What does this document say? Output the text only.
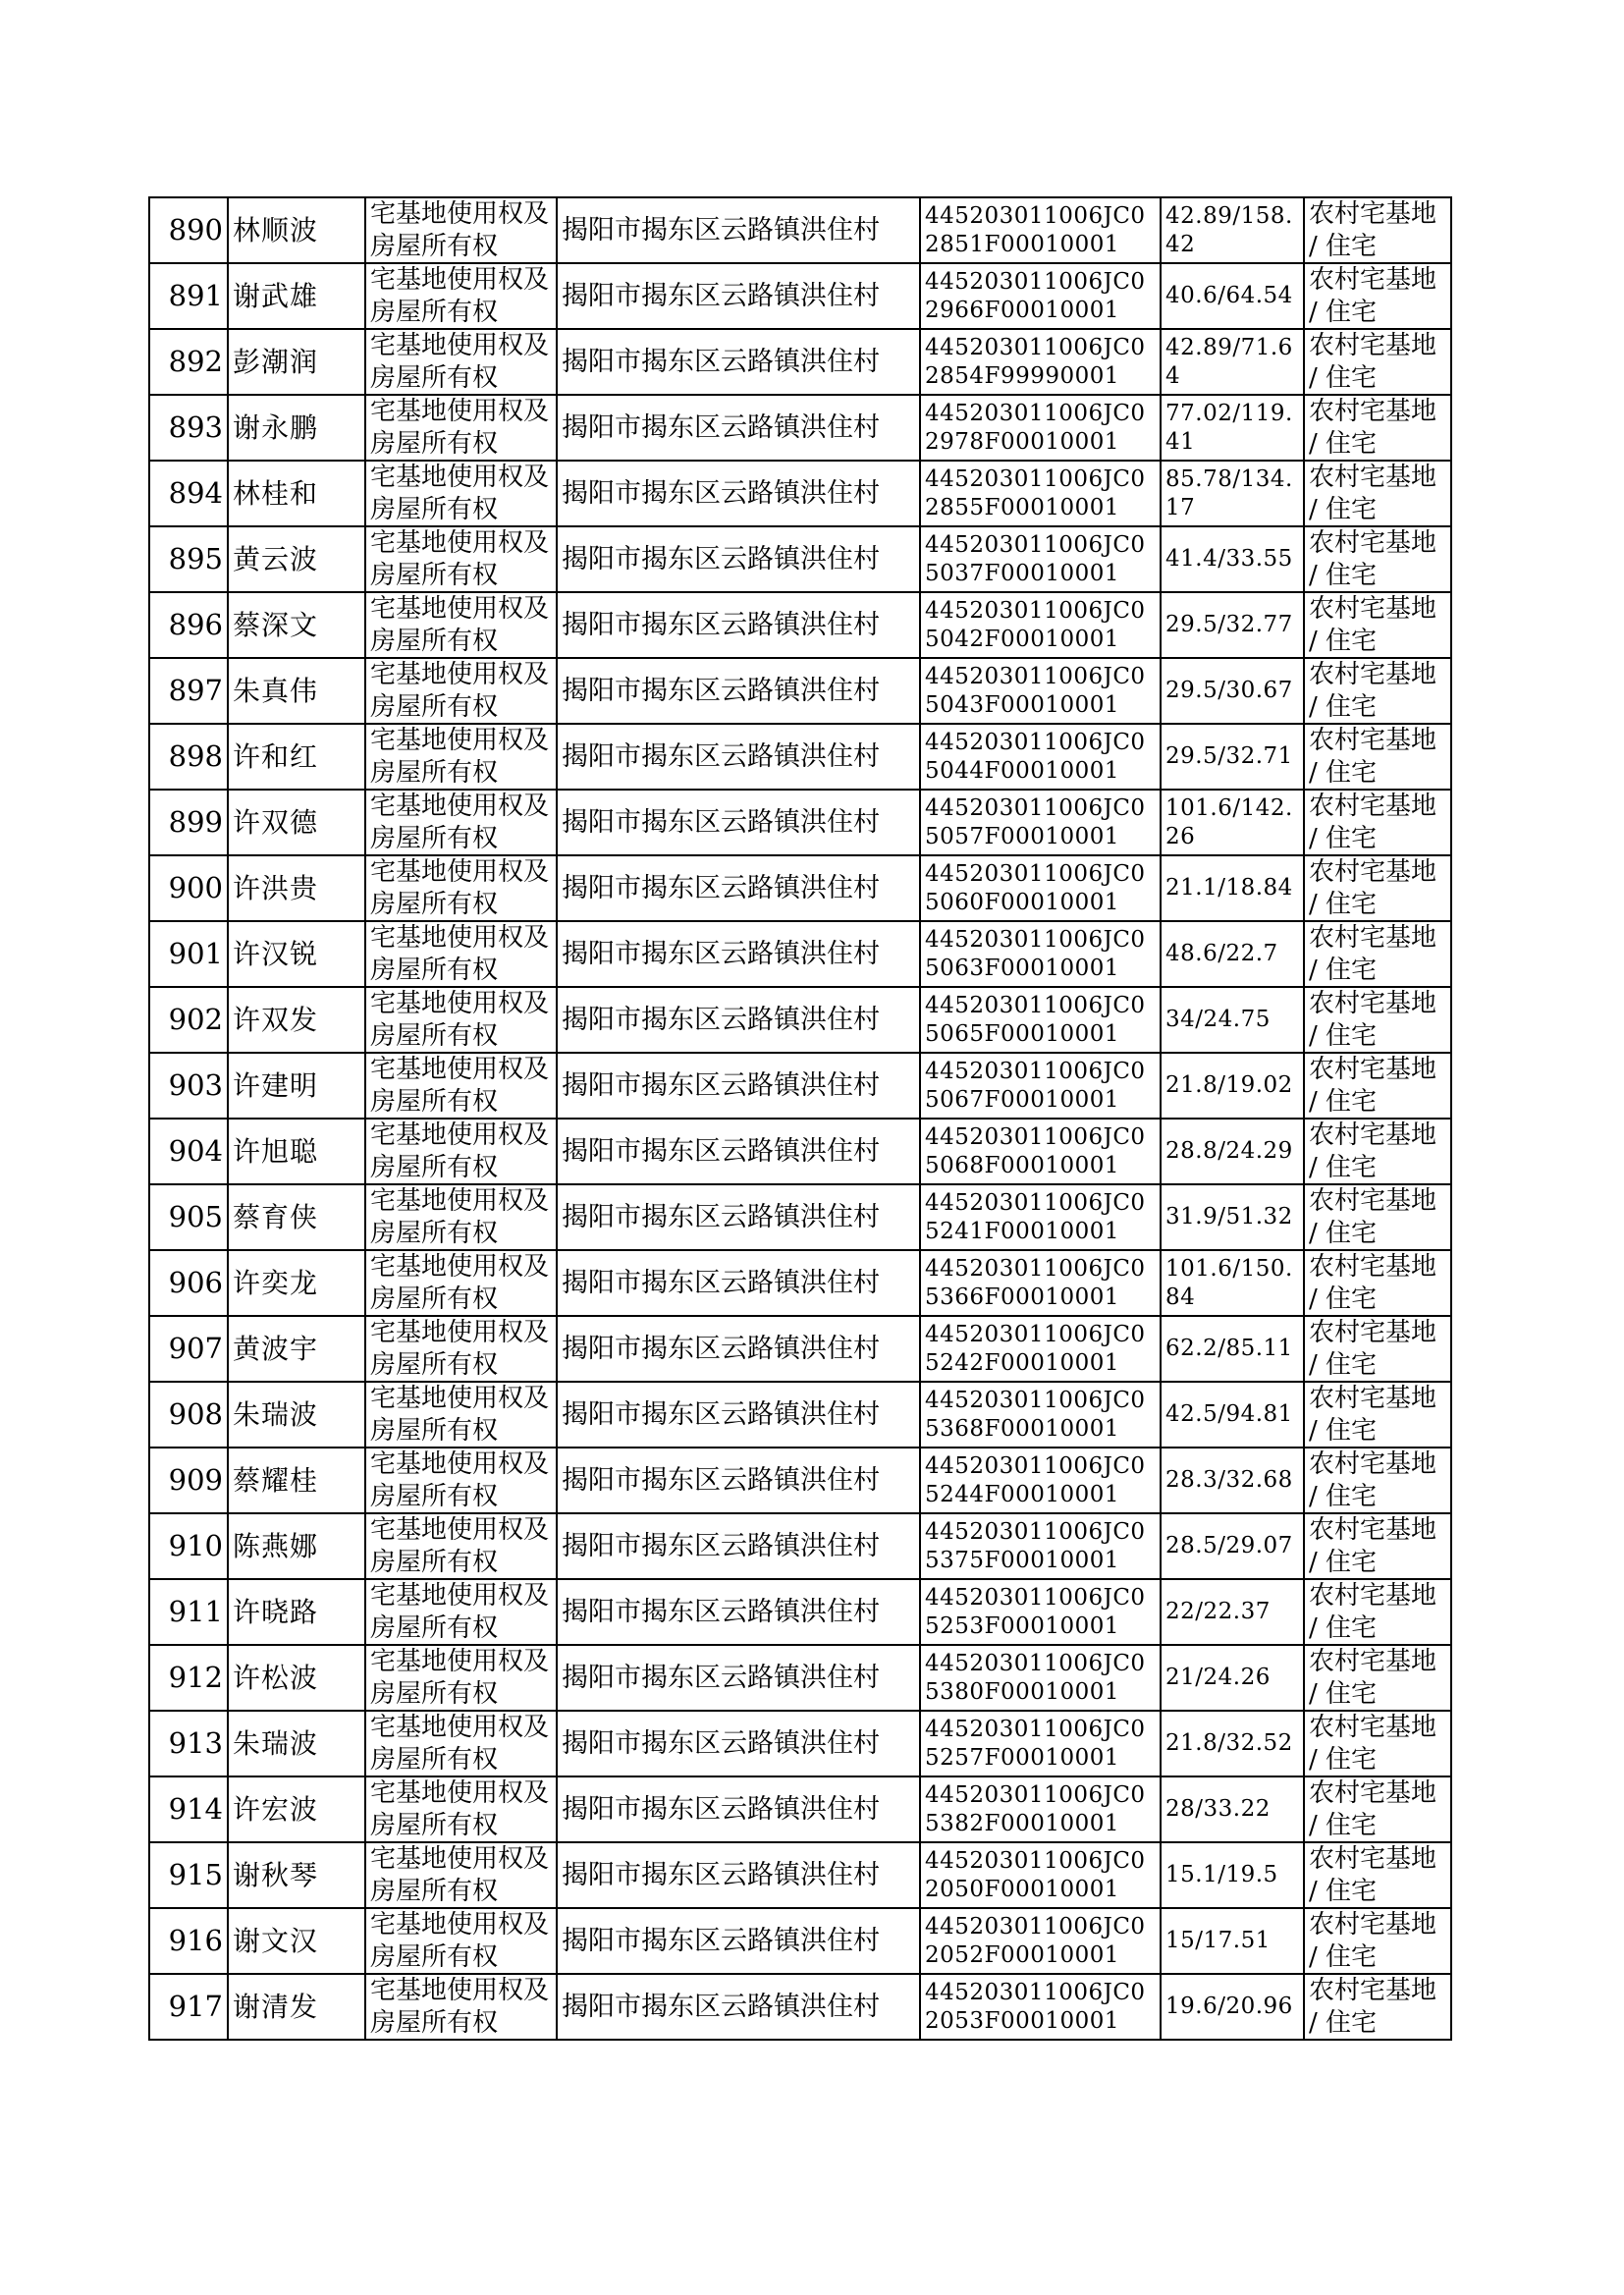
890	林顺波	宅基地使用权及房屋所有权	揭阳市揭东区云路镇洪住村	445203011006JC02851F00010001	42.89/158.42	农村宅基地 / 住宅

891	谢武雄	宅基地使用权及房屋所有权	揭阳市揭东区云路镇洪住村	445203011006JC02966F00010001	40.6/64.54	农村宅基地 / 住宅

892	彭潮润	宅基地使用权及房屋所有权	揭阳市揭东区云路镇洪住村	445203011006JC02854F99990001	42.89/71.64	农村宅基地 / 住宅

893	谢永鹏	宅基地使用权及房屋所有权	揭阳市揭东区云路镇洪住村	445203011006JC02978F00010001	77.02/119.41	农村宅基地 / 住宅

894	林桂和	宅基地使用权及房屋所有权	揭阳市揭东区云路镇洪住村	445203011006JC02855F00010001	85.78/134.17	农村宅基地 / 住宅

895	黄云波	宅基地使用权及房屋所有权	揭阳市揭东区云路镇洪住村	445203011006JC05037F00010001	41.4/33.55	农村宅基地 / 住宅

896	蔡深文	宅基地使用权及房屋所有权	揭阳市揭东区云路镇洪住村	445203011006JC05042F00010001	29.5/32.77	农村宅基地 / 住宅

897	朱真伟	宅基地使用权及房屋所有权	揭阳市揭东区云路镇洪住村	445203011006JC05043F00010001	29.5/30.67	农村宅基地 / 住宅

898	许和红	宅基地使用权及房屋所有权	揭阳市揭东区云路镇洪住村	445203011006JC05044F00010001	29.5/32.71	农村宅基地 / 住宅

899	许双德	宅基地使用权及房屋所有权	揭阳市揭东区云路镇洪住村	445203011006JC05057F00010001	101.6/142.26	农村宅基地 / 住宅

900	许洪贵	宅基地使用权及房屋所有权	揭阳市揭东区云路镇洪住村	445203011006JC05060F00010001	21.1/18.84	农村宅基地 / 住宅

901	许汉锐	宅基地使用权及房屋所有权	揭阳市揭东区云路镇洪住村	445203011006JC05063F00010001	48.6/22.7	农村宅基地 / 住宅

902	许双发	宅基地使用权及房屋所有权	揭阳市揭东区云路镇洪住村	445203011006JC05065F00010001	34/24.75	农村宅基地 / 住宅

903	许建明	宅基地使用权及房屋所有权	揭阳市揭东区云路镇洪住村	445203011006JC05067F00010001	21.8/19.02	农村宅基地 / 住宅

904	许旭聪	宅基地使用权及房屋所有权	揭阳市揭东区云路镇洪住村	445203011006JC05068F00010001	28.8/24.29	农村宅基地 / 住宅

905	蔡育侠	宅基地使用权及房屋所有权	揭阳市揭东区云路镇洪住村	445203011006JC05241F00010001	31.9/51.32	农村宅基地 / 住宅

906	许奕龙	宅基地使用权及房屋所有权	揭阳市揭东区云路镇洪住村	445203011006JC05366F00010001	101.6/150.84	农村宅基地 / 住宅

907	黄波宇	宅基地使用权及房屋所有权	揭阳市揭东区云路镇洪住村	445203011006JC05242F00010001	62.2/85.11	农村宅基地 / 住宅

908	朱瑞波	宅基地使用权及房屋所有权	揭阳市揭东区云路镇洪住村	445203011006JC05368F00010001	42.5/94.81	农村宅基地 / 住宅

909	蔡耀桂	宅基地使用权及房屋所有权	揭阳市揭东区云路镇洪住村	445203011006JC05244F00010001	28.3/32.68	农村宅基地 / 住宅

910	陈燕娜	宅基地使用权及房屋所有权	揭阳市揭东区云路镇洪住村	445203011006JC05375F00010001	28.5/29.07	农村宅基地 / 住宅

911	许晓路	宅基地使用权及房屋所有权	揭阳市揭东区云路镇洪住村	445203011006JC05253F00010001	22/22.37	农村宅基地 / 住宅

912	许松波	宅基地使用权及房屋所有权	揭阳市揭东区云路镇洪住村	445203011006JC05380F00010001	21/24.26	农村宅基地 / 住宅

913	朱瑞波	宅基地使用权及房屋所有权	揭阳市揭东区云路镇洪住村	445203011006JC05257F00010001	21.8/32.52	农村宅基地 / 住宅

914	许宏波	宅基地使用权及房屋所有权	揭阳市揭东区云路镇洪住村	445203011006JC05382F00010001	28/33.22	农村宅基地 / 住宅

915	谢秋琴	宅基地使用权及房屋所有权	揭阳市揭东区云路镇洪住村	445203011006JC02050F00010001	15.1/19.5	农村宅基地 / 住宅

916	谢文汉	宅基地使用权及房屋所有权	揭阳市揭东区云路镇洪住村	445203011006JC02052F00010001	15/17.51	农村宅基地 / 住宅

917	谢清发	宅基地使用权及房屋所有权	揭阳市揭东区云路镇洪住村	445203011006JC02053F00010001	19.6/20.96	农村宅基地 / 住宅
